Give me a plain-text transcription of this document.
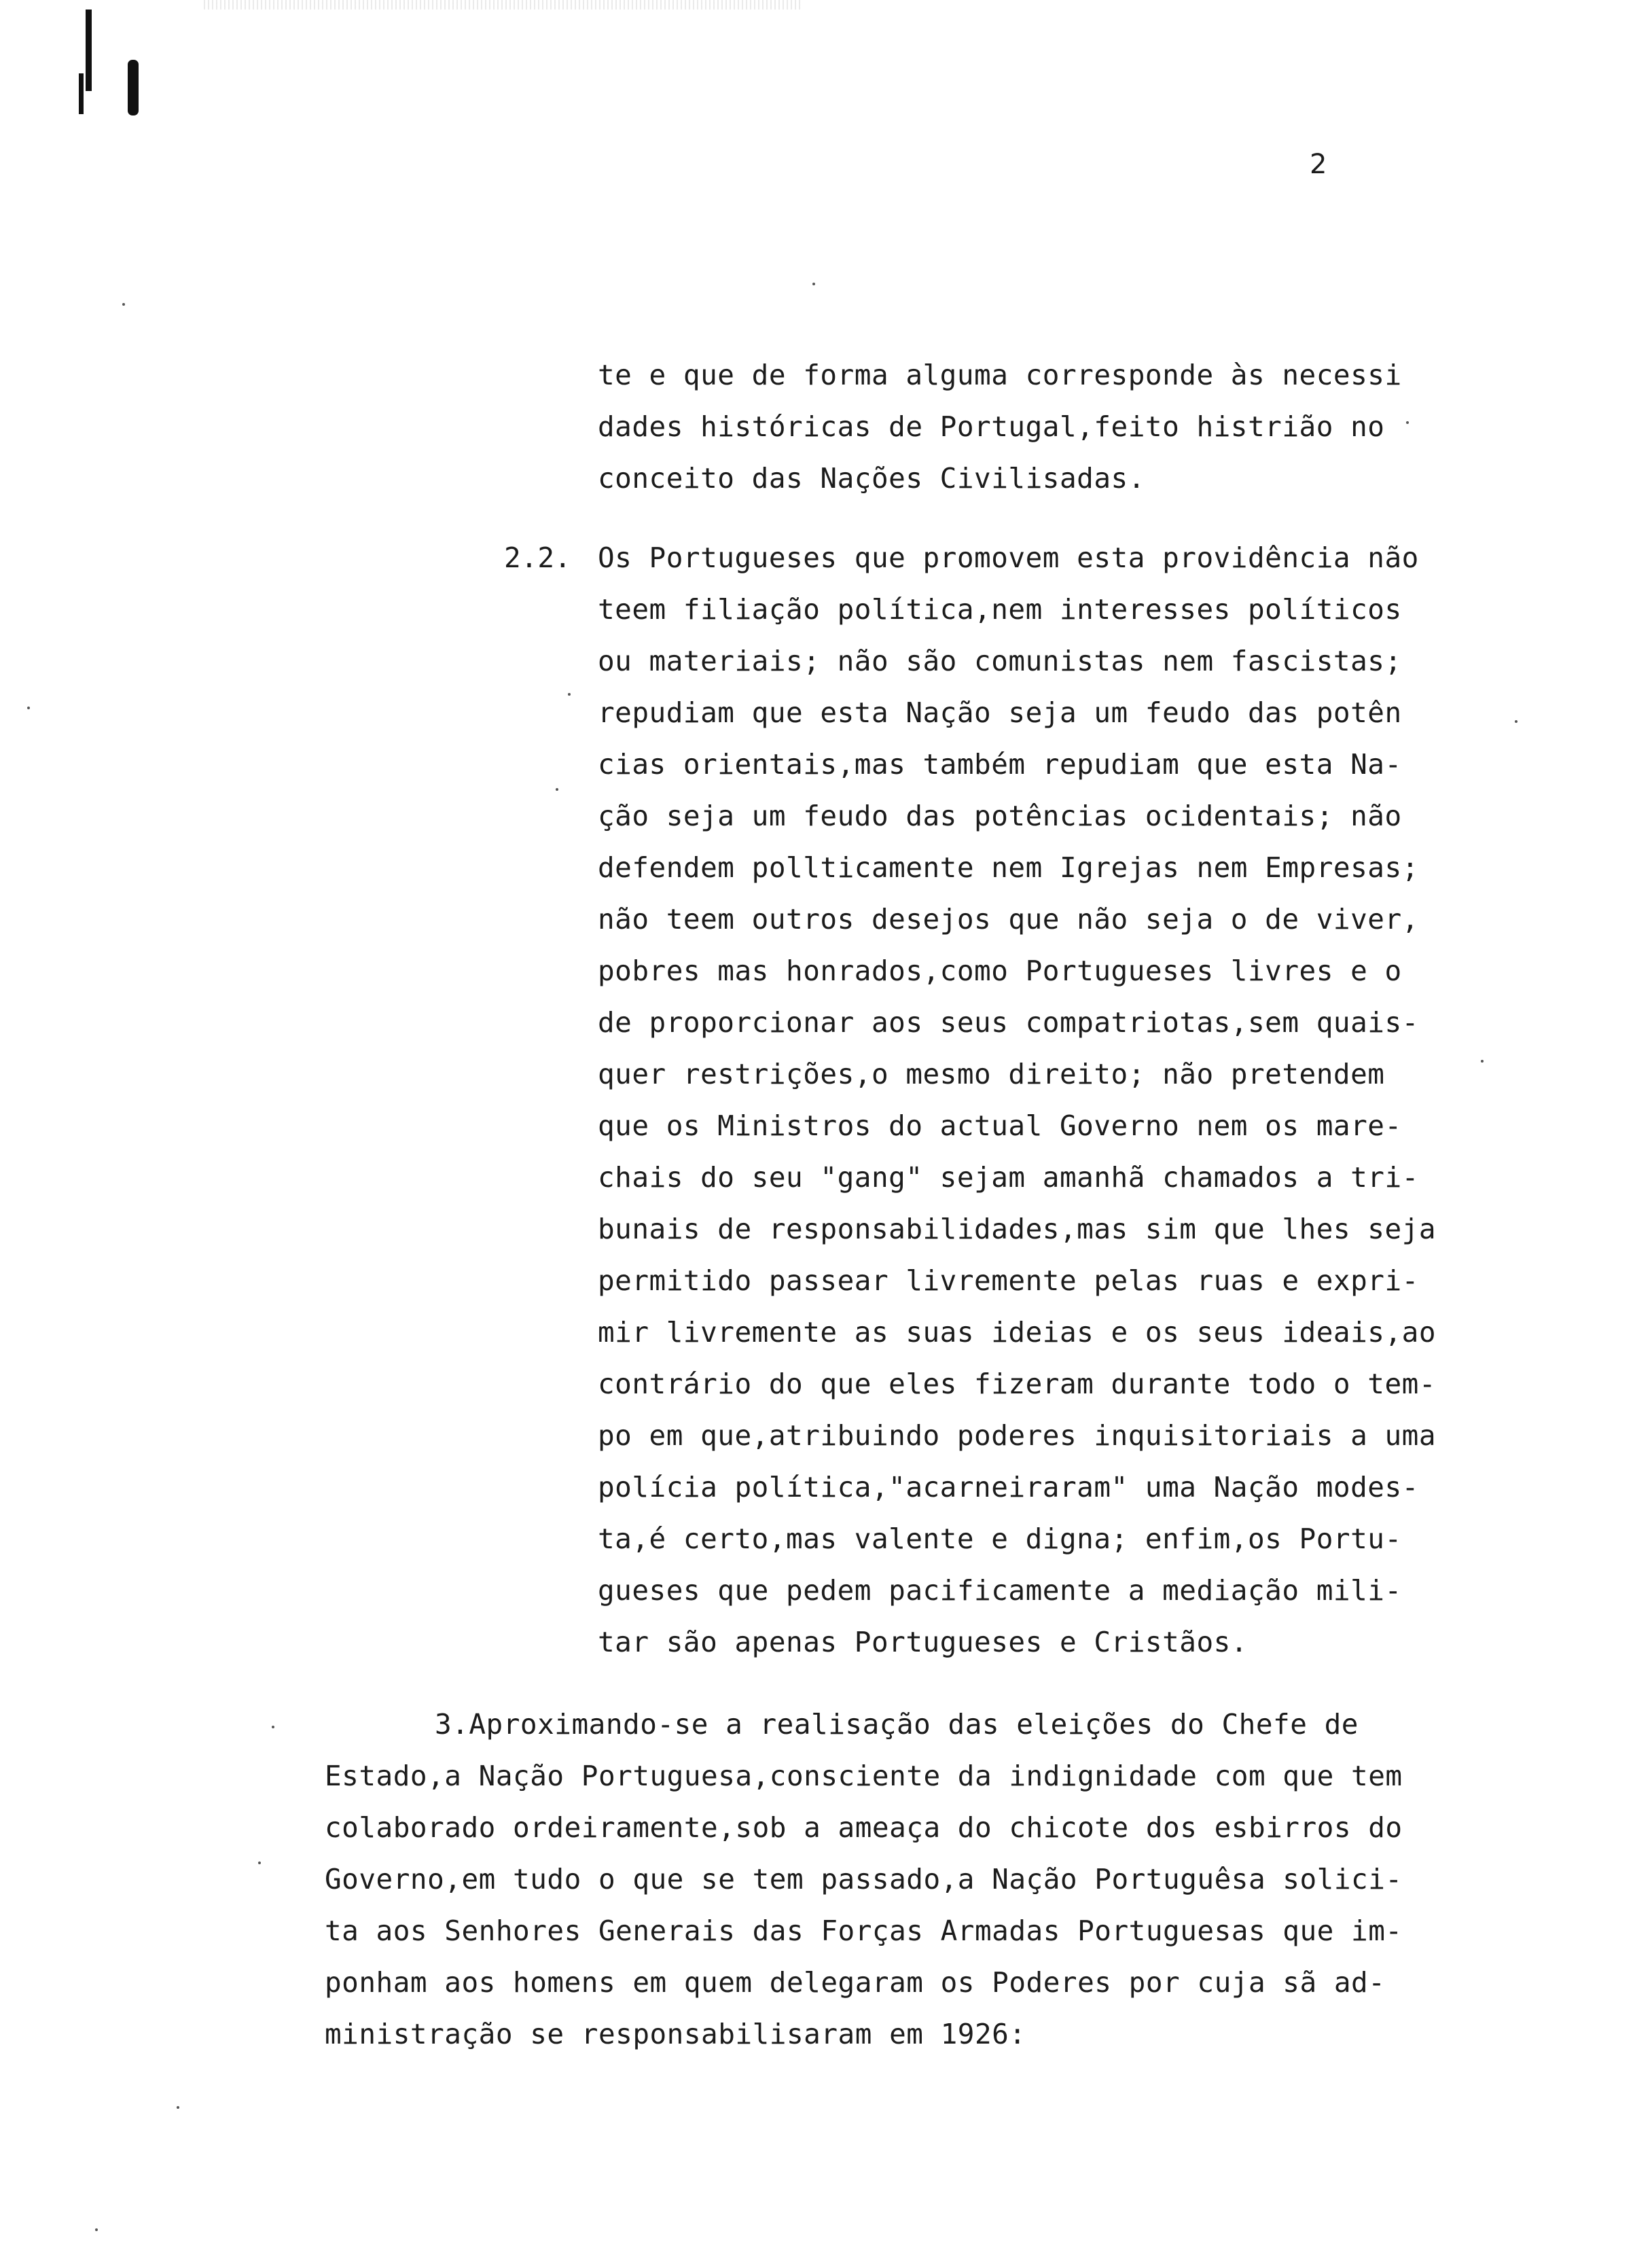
2
te e que de forma alguma corresponde às necessi
dades históricas de Portugal,feito histrião no
conceito das Nações Civilisadas.
2.2. Os Portugueses que promovem esta providência não
teem filiação política,nem interesses políticos
ou materiais; não são comunistas nem fascistas;
repudiam que esta Nação seja um feudo das potên
cias orientais,mas também repudiam que esta Na-
ção seja um feudo das potências ocidentais; não
defendem pollticamente nem Igrejas nem Empresas;
não teem outros desejos que não seja o de viver,
pobres mas honrados,como Portugueses livres e o
de proporcionar aos seus compatriotas,sem quais-
quer restrições,o mesmo direito; não pretendem
que os Ministros do actual Governo nem os mare-
chais do seu "gang" sejam amanhã chamados a tri-
bunais de responsabilidades,mas sim que lhes seja
permitido passear livremente pelas ruas e expri-
mir livremente as suas ideias e os seus ideais,ao
contrário do que eles fizeram durante todo o tem-
po em que,atribuindo poderes inquisitoriais a uma
polícia política,"acarneiraram" uma Nação modes-
ta,é certo,mas valente e digna; enfim,os Portu-
gueses que pedem pacificamente a mediação mili-
tar são apenas Portugueses e Cristãos.
3.Aproximando-se a realisação das eleições do Chefe de
Estado,a Nação Portuguesa,consciente da indignidade com que tem
colaborado ordeiramente,sob a ameaça do chicote dos esbirros do
Governo,em tudo o que se tem passado,a Nação Portuguêsa solici-
ta aos Senhores Generais das Forças Armadas Portuguesas que im-
ponham aos homens em quem delegaram os Poderes por cuja sã ad-
ministração se responsabilisaram em 1926:
